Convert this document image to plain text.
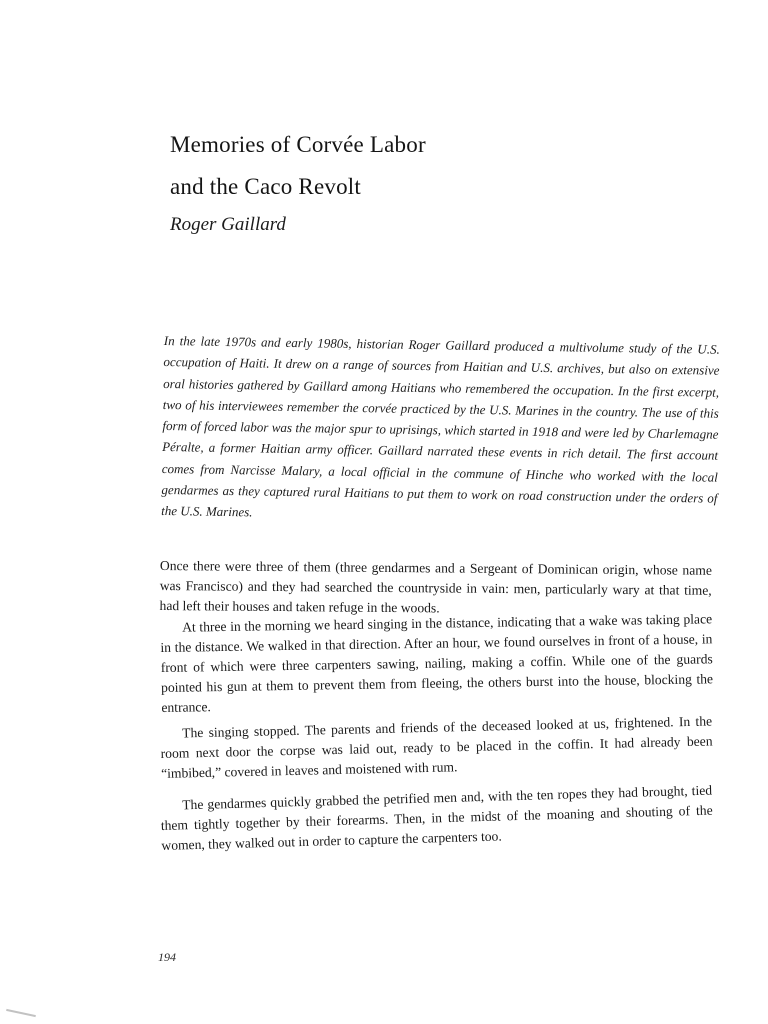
Memories of Corvée Labor
and the Caco Revolt
Roger Gaillard
In the late 1970s and early 1980s, historian Roger Gaillard produced a multivolume study of the U.S. occupation of Haiti. It drew on a range of sources from Haitian and U.S. archives, but also on extensive oral histories gathered by Gaillard among Haitians who remembered the occupation. In the first excerpt, two of his interviewees remember the corvée practiced by the U.S. Marines in the country. The use of this form of forced labor was the major spur to uprisings, which started in 1918 and were led by Charlemagne Péralte, a former Haitian army officer. Gaillard narrated these events in rich detail. The first account comes from Narcisse Malary, a local official in the commune of Hinche who worked with the local gendarmes as they captured rural Haitians to put them to work on road construction under the orders of the U.S. Marines.

Once there were three of them (three gendarmes and a Sergeant of Dominican origin, whose name was Francisco) and they had searched the countryside in vain: men, particularly wary at that time, had left their houses and taken refuge in the woods.

At three in the morning we heard singing in the distance, indicating that a wake was taking place in the distance. We walked in that direction. After an hour, we found ourselves in front of a house, in front of which were three carpenters sawing, nailing, making a coffin. While one of the guards pointed his gun at them to prevent them from fleeing, the others burst into the house, blocking the entrance.

The singing stopped. The parents and friends of the deceased looked at us, frightened. In the room next door the corpse was laid out, ready to be placed in the coffin. It had already been “imbibed,” covered in leaves and moistened with rum.

The gendarmes quickly grabbed the petrified men and, with the ten ropes they had brought, tied them tightly together by their forearms. Then, in the midst of the moaning and shouting of the women, they walked out in order to capture the carpenters too.

194
